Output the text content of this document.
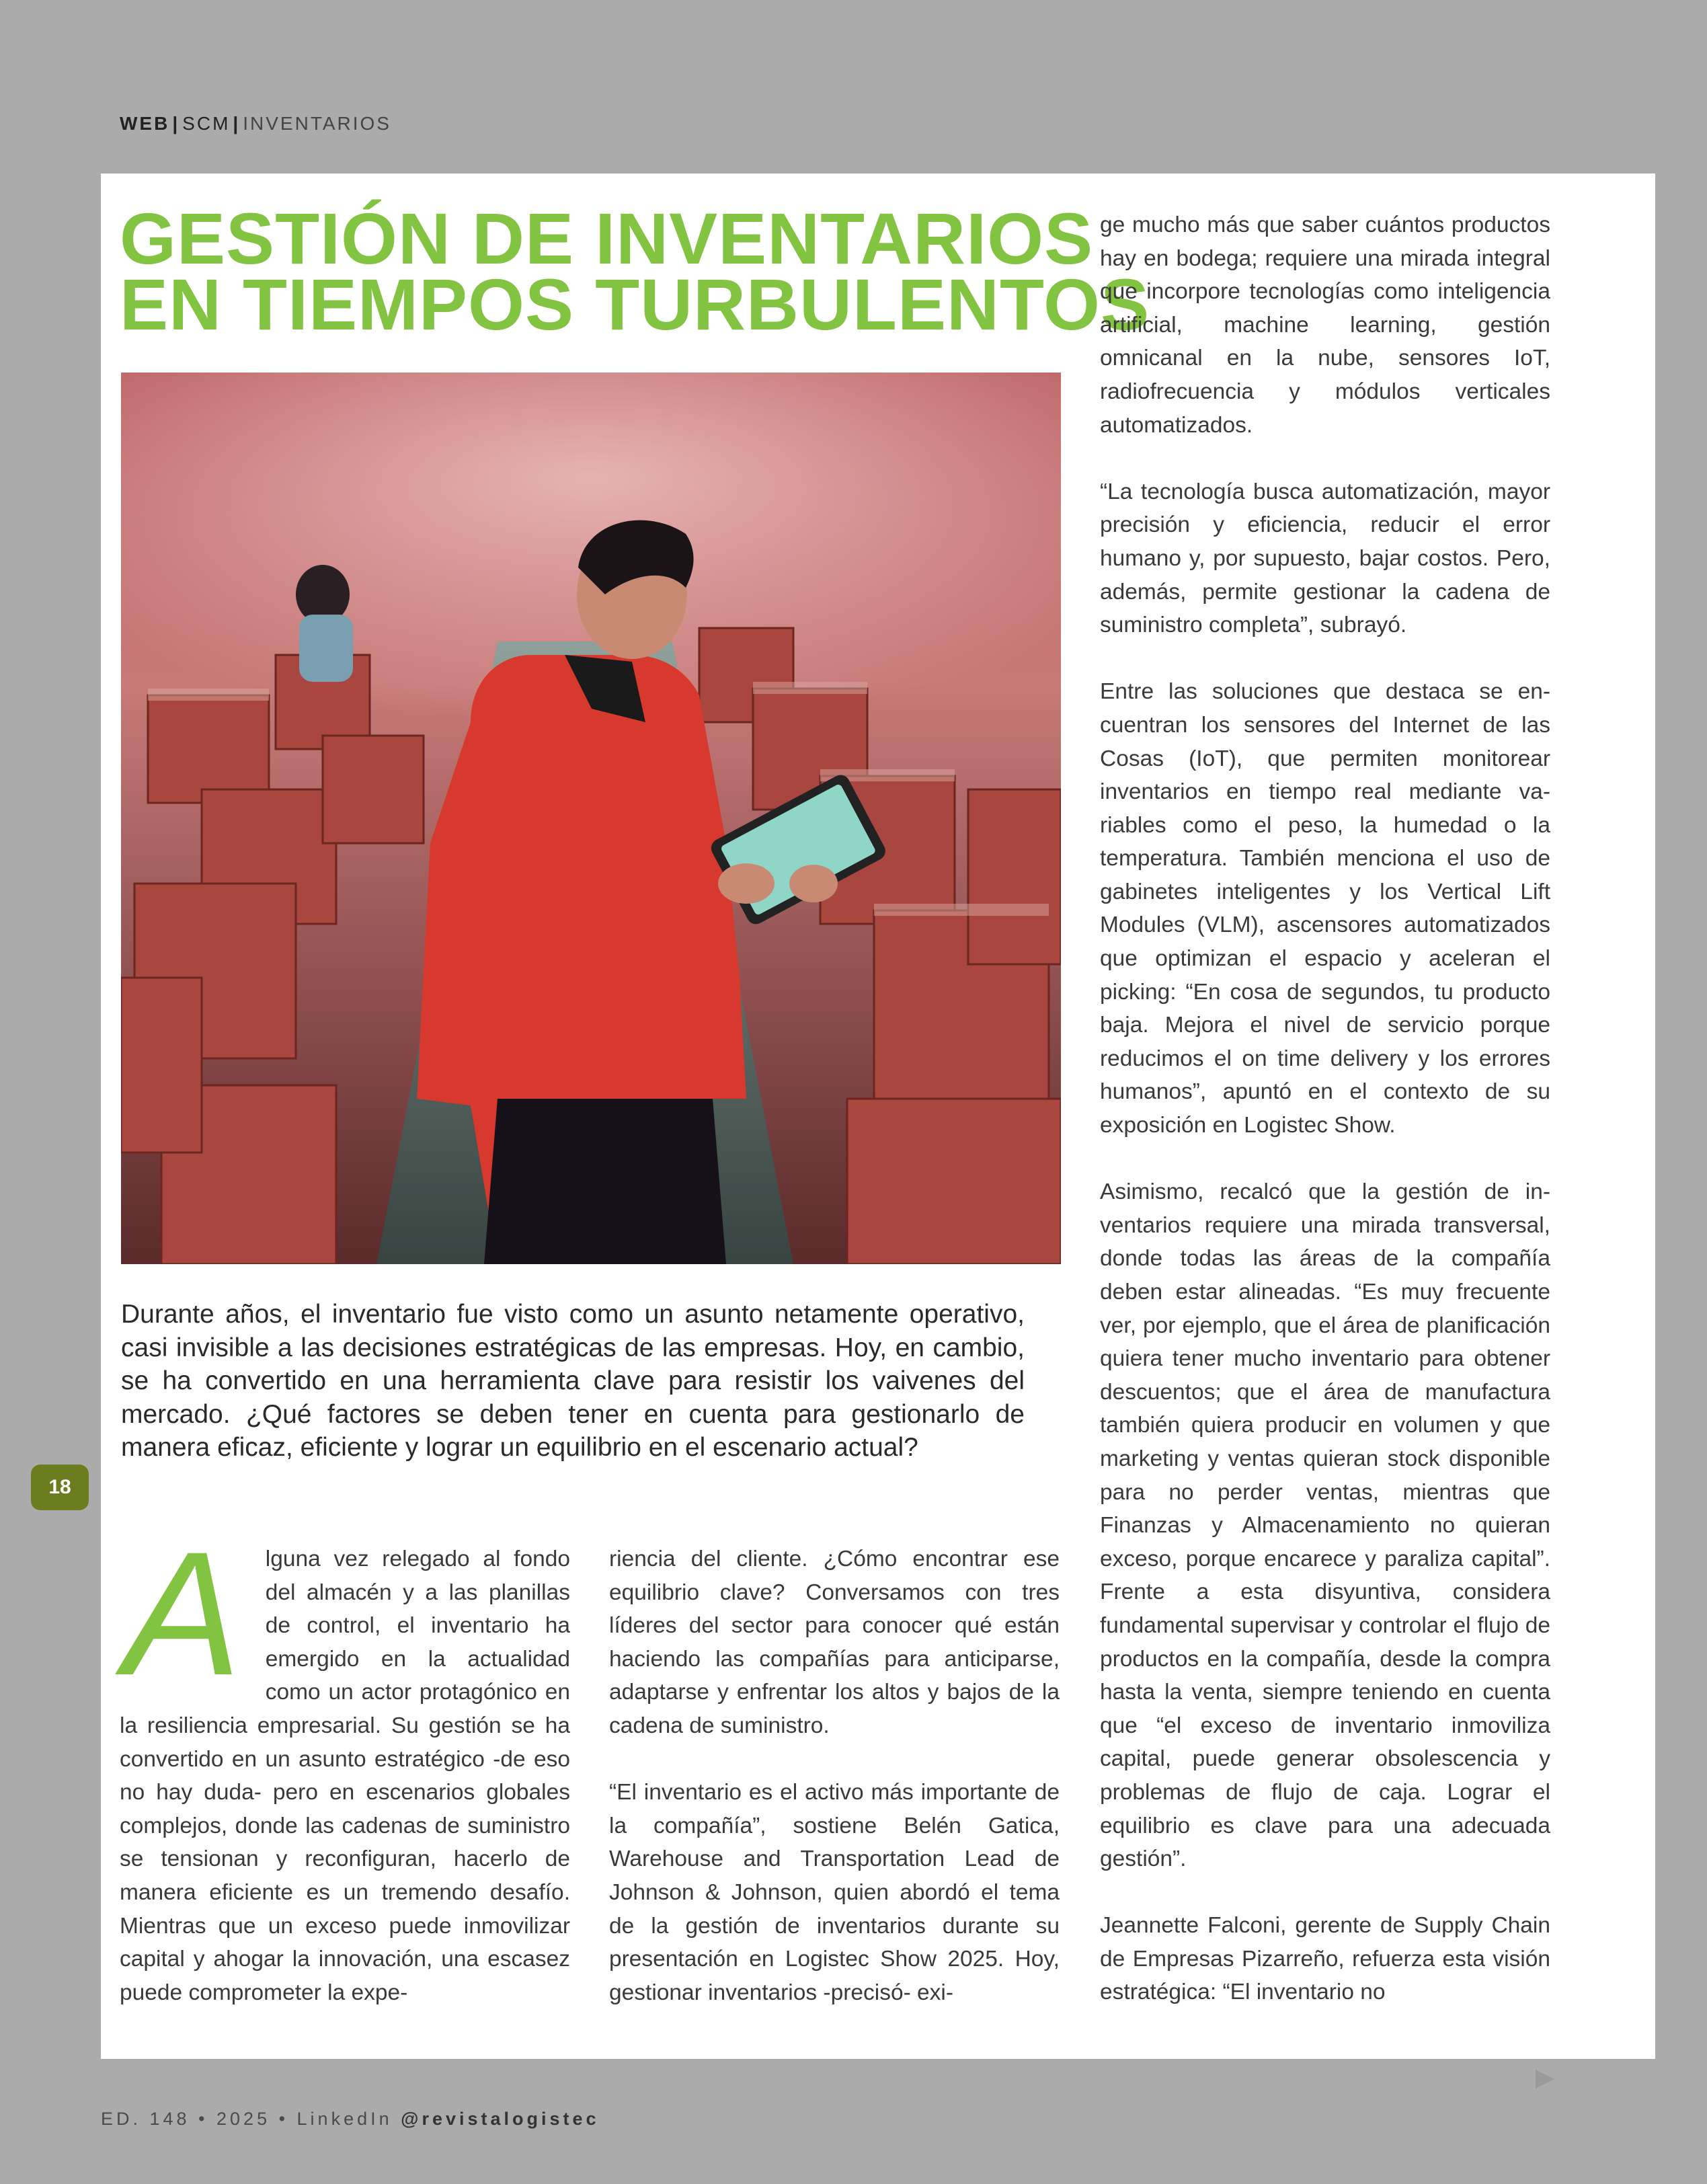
WEB | SCM | INVENTARIOS
GESTIÓN DE INVENTARIOS
EN TIEMPOS TURBULENTOS

Durante años, el inventario fue visto como un asunto netamente operativo, casi invisible a las decisiones estratégicas de las empresas. Hoy, en cambio, se ha convertido en una herramienta clave para resistir los vaivenes del mercado. ¿Qué factores se deben tener en cuenta para gestionarlo de manera eficaz, eficiente y lograr un equilibrio en el escenario actual?

A lguna vez relegado al fondo del almacén y a las planillas de control, el inventario ha emergido en la actualidad como un actor protagónico en la resiliencia empresarial. Su gestión se ha convertido en un asunto estratégico -de eso no hay duda- pero en escenarios globales complejos, donde las cadenas de suministro se tensionan y reconfiguran, hacerlo de manera eficiente es un tremendo desafío. Mientras que un exceso puede inmovilizar capital y ahogar la innovación, una escasez puede comprometer la expe-

riencia del cliente. ¿Cómo encontrar ese equilibrio clave? Conversamos con tres líderes del sector para conocer qué están haciendo las compañías para anticiparse, adaptarse y enfrentar los altos y bajos de la cadena de suministro.

“El inventario es el activo más importante de la compañía”, sostiene Belén Gatica, Warehouse and Transportation Lead de Johnson & Johnson, quien abordó el tema de la gestión de inventarios durante su presentación en Logistec Show 2025. Hoy, gestionar inventarios -precisó- exi-

ge mucho más que saber cuántos productos hay en bodega; requiere una mirada integral que incorpore tecnologías como inteligencia artificial, machine learning, gestión omnicanal en la nube, sensores IoT, radiofrecuencia y módulos verticales automatizados.

“La tecnología busca automatización, mayor precisión y eficiencia, reducir el error humano y, por supuesto, bajar costos. Pero, además, permite gestionar la cadena de suministro completa”, subrayó.

Entre las soluciones que destaca se encuentran los sensores del Internet de las Cosas (IoT), que permiten monitorear inventarios en tiempo real mediante variables como el peso, la humedad o la temperatura. También menciona el uso de gabinetes inteligentes y los Vertical Lift Modules (VLM), ascensores automatizados que optimizan el espacio y aceleran el picking: “En cosa de segundos, tu producto baja. Mejora el nivel de servicio porque reducimos el on time delivery y los errores humanos”, apuntó en el contexto de su exposición en Logistec Show.

Asimismo, recalcó que la gestión de inventarios requiere una mirada transversal, donde todas las áreas de la compañía deben estar alineadas. “Es muy frecuente ver, por ejemplo, que el área de planificación quiera tener mucho inventario para obtener descuentos; que el área de manufactura también quiera producir en volumen y que marketing y ventas quieran stock disponible para no perder ventas, mientras que Finanzas y Almacenamiento no quieran exceso, porque encarece y paraliza capital”. Frente a esta disyuntiva, considera fundamental supervisar y controlar el flujo de productos en la compañía, desde la compra hasta la venta, siempre teniendo en cuenta que “el exceso de inventario inmoviliza capital, puede generar obsolescencia y problemas de flujo de caja. Lograr el equilibrio es clave para una adecuada gestión”.

Jeannette Falconi, gerente de Supply Chain de Empresas Pizarreño, refuerza esta visión estratégica: “El inventario no

18
ED. 148 • 2025 • LinkedIn @revistalogistec
